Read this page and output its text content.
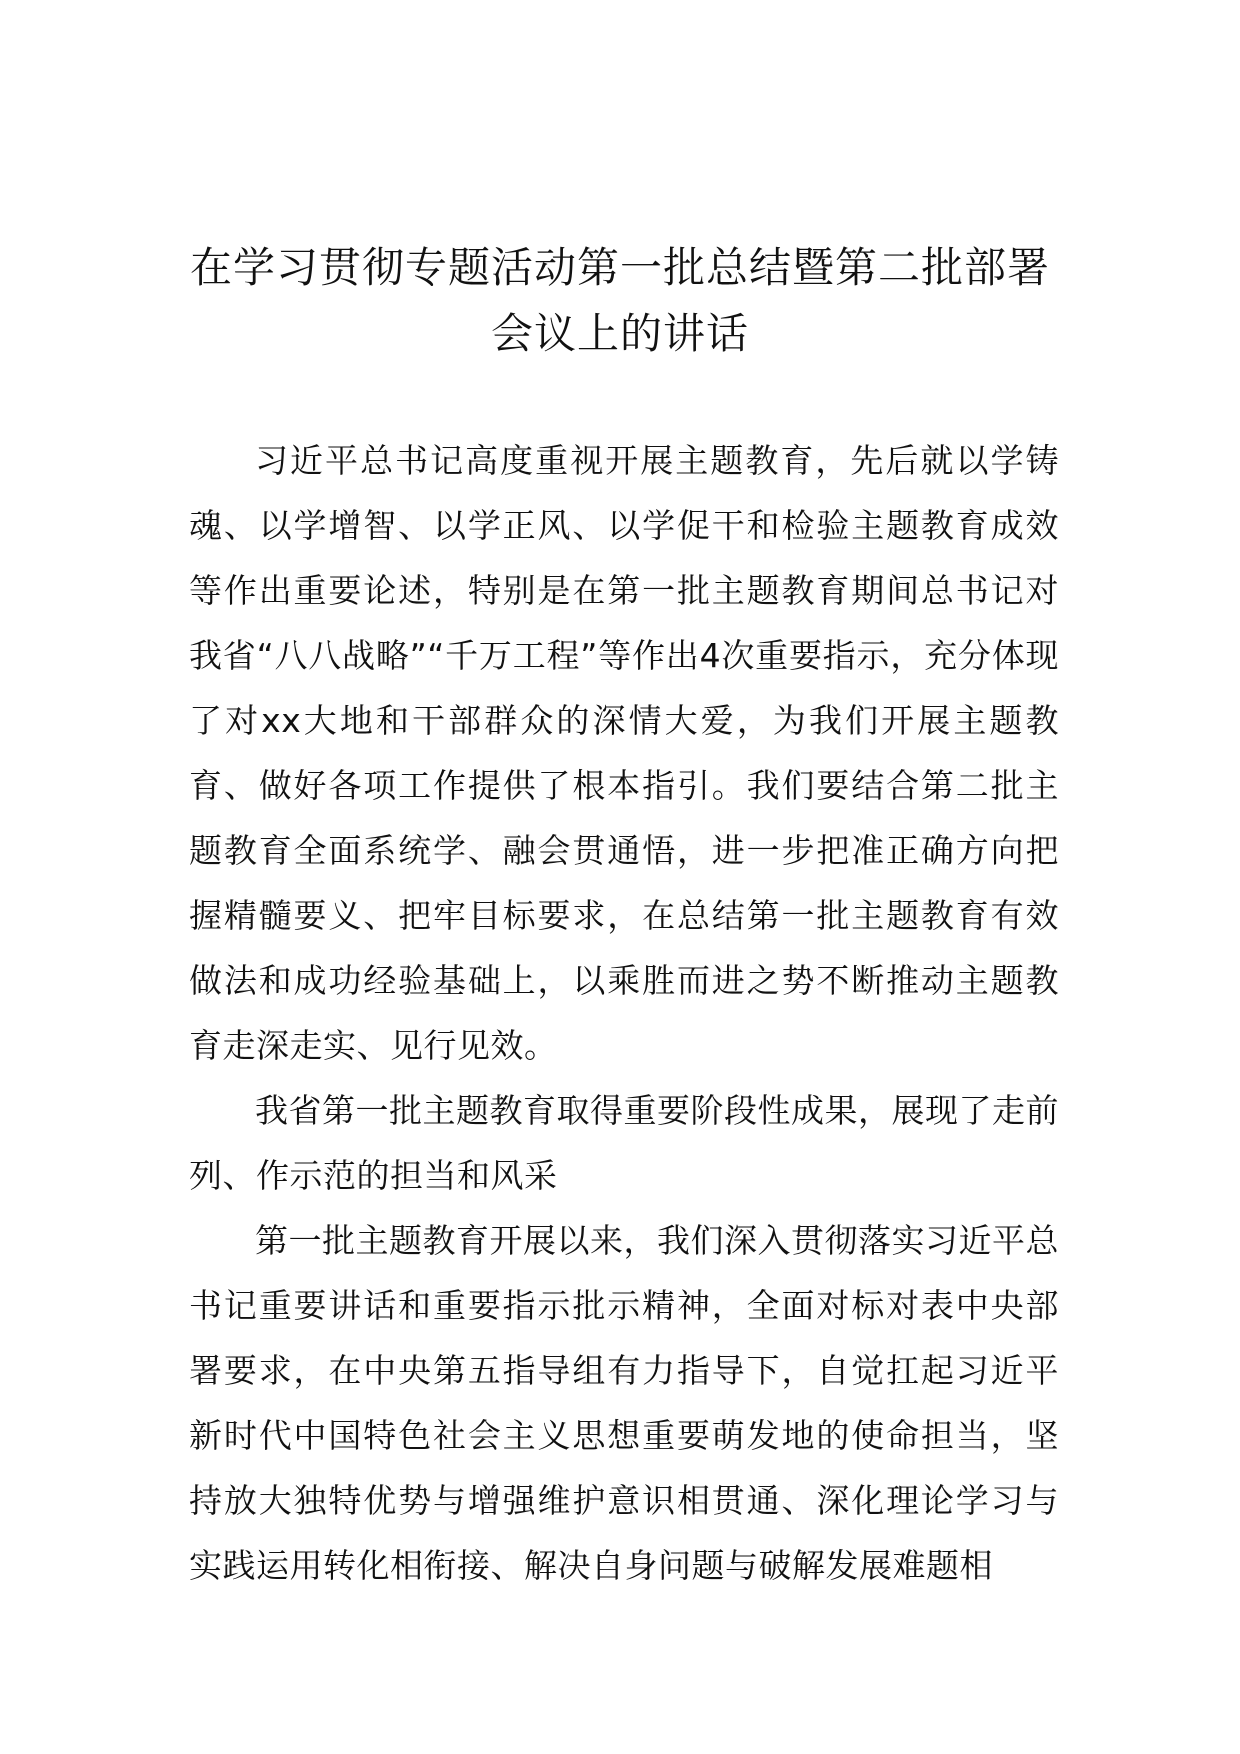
在学习贯彻专题活动第一批总结暨第二批部署会议上的讲话

习近平总书记高度重视开展主题教育，先后就以学铸魂、以学增智、以学正风、以学促干和检验主题教育成效等作出重要论述，特别是在第一批主题教育期间总书记对我省“八八战略”“千万工程”等作出4次重要指示，充分体现了对xx大地和干部群众的深情大爱，为我们开展主题教育、做好各项工作提供了根本指引。我们要结合第二批主题教育全面系统学、融会贯通悟，进一步把准正确方向把握精髓要义、把牢目标要求，在总结第一批主题教育有效做法和成功经验基础上，以乘胜而进之势不断推动主题教育走深走实、见行见效。

我省第一批主题教育取得重要阶段性成果，展现了走前列、作示范的担当和风采

第一批主题教育开展以来，我们深入贯彻落实习近平总书记重要讲话和重要指示批示精神，全面对标对表中央部署要求，在中央第五指导组有力指导下，自觉扛起习近平新时代中国特色社会主义思想重要萌发地的使命担当，坚持放大独特优势与增强维护意识相贯通、深化理论学习与实践运用转化相衔接、解决自身问题与破解发展难题相
